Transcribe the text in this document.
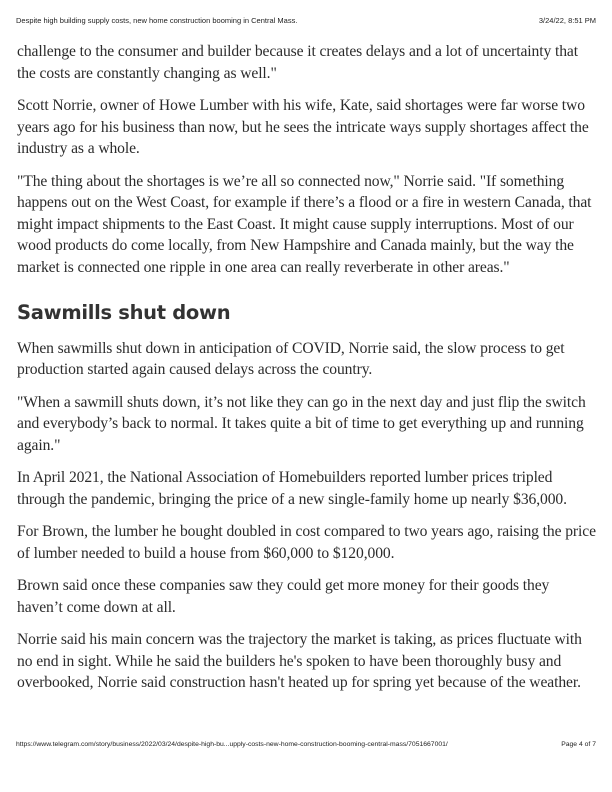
Despite high building supply costs, new home construction booming in Central Mass.	3/24/22, 8:51 PM

challenge to the consumer and builder because it creates delays and a lot of uncertainty that the costs are constantly changing as well."

Scott Norrie, owner of Howe Lumber with his wife, Kate, said shortages were far worse two years ago for his business than now, but he sees the intricate ways supply shortages affect the industry as a whole.

"The thing about the shortages is we’re all so connected now," Norrie said. "If something happens out on the West Coast, for example if there’s a flood or a fire in western Canada, that might impact shipments to the East Coast. It might cause supply interruptions. Most of our wood products do come locally, from New Hampshire and Canada mainly, but the way the market is connected one ripple in one area can really reverberate in other areas."

Sawmills shut down

When sawmills shut down in anticipation of COVID, Norrie said, the slow process to get production started again caused delays across the country.

"When a sawmill shuts down, it’s not like they can go in the next day and just flip the switch and everybody’s back to normal. It takes quite a bit of time to get everything up and running again."

In April 2021, the National Association of Homebuilders reported lumber prices tripled through the pandemic, bringing the price of a new single-family home up nearly $36,000.

For Brown, the lumber he bought doubled in cost compared to two years ago, raising the price of lumber needed to build a house from $60,000 to $120,000.

Brown said once these companies saw they could get more money for their goods they haven’t come down at all.

Norrie said his main concern was the trajectory the market is taking, as prices fluctuate with no end in sight. While he said the builders he's spoken to have been thoroughly busy and overbooked, Norrie said construction hasn't heated up for spring yet because of the weather.

https://www.telegram.com/story/business/2022/03/24/despite-high-bu...upply-costs-new-home-construction-booming-central-mass/7051667001/	Page 4 of 7
